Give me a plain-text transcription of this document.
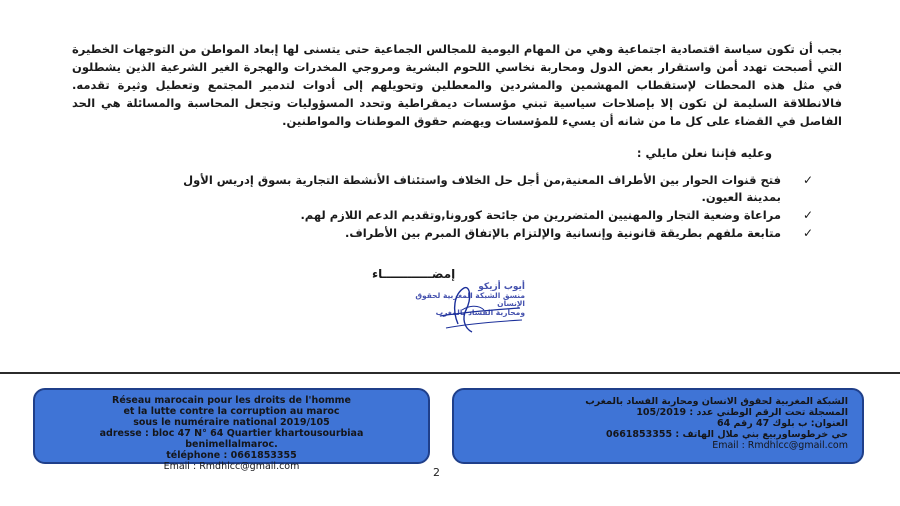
بجب أن تكون سياسة اقتصادية اجتماعية وهي من المهام اليومية للمجالس الجماعية حتى يتسنى لها إبعاد المواطن من التوجهات الخطيرة التي أصبحت تهدد أمن واستقرار بعض الدول ومحاربة نخاسي اللحوم البشرية ومروجي المخدرات والهجرة الغير الشرعية الذين يشطلون في مثل هذه المحطات لإستقطاب المهشمين والمشردين والمعطلين وتحويلهم إلى أدوات لتدمير المجتمع وتعطيل وثيرة تقدمه. فالانطلاقة السليمة لن تكون إلا بإصلاحات سياسية تبني مؤسسات ديمقراطية وتحدد المسؤوليات وتجعل المحاسبة والمسائلة هي الحد الفاصل في القضاء على كل ما من شانه أن يسيء للمؤسسات ويهضم حقوق الموطنات والمواطنين.

وعليه فإننا نعلن مايلي :

✓
فتح قنوات الحوار بين الأطراف المعنية,من أجل حل الخلاف واستئناف الأنشطة التجارية بسوق إدريس الأول بمدينة العيون.
✓
مراعاة وضعية التجار والمهنيين المتضررين من جائحة كورونا,وتقديم الدعم اللازم لهم.
✓
متابعة ملفهم بطريقة قانونية وإنسانية والإلتزام بالإتفاق المبرم بين الأطراف.
إمضــــــــــــاء
أيوب أزيكو
منسق الشبكة المغربية لحقوق الإنسان
ومحاربة الفساد بالمغرب
Réseau marocain pour les droits de l'homme
et la lutte contre la corruption au maroc
sous le numéraire national 2019/105
adresse : bloc 47 N° 64 Quartier khartousourbiaa
benimellalmaroc.
téléphone : 0661853355
Email : Rmdhlcc@gmail.com
الشبكة المغربية لحقوق الانسان ومحاربة الفساد بالمغرب
المسجلة تحت الرقم الوطني عدد : 105/2019
العنوان: ب بلوك 47 رقم 64
حي خرطوساوربيع بني ملال الهاتف : 0661853355
Email : Rmdhlcc@gmail.com
2
